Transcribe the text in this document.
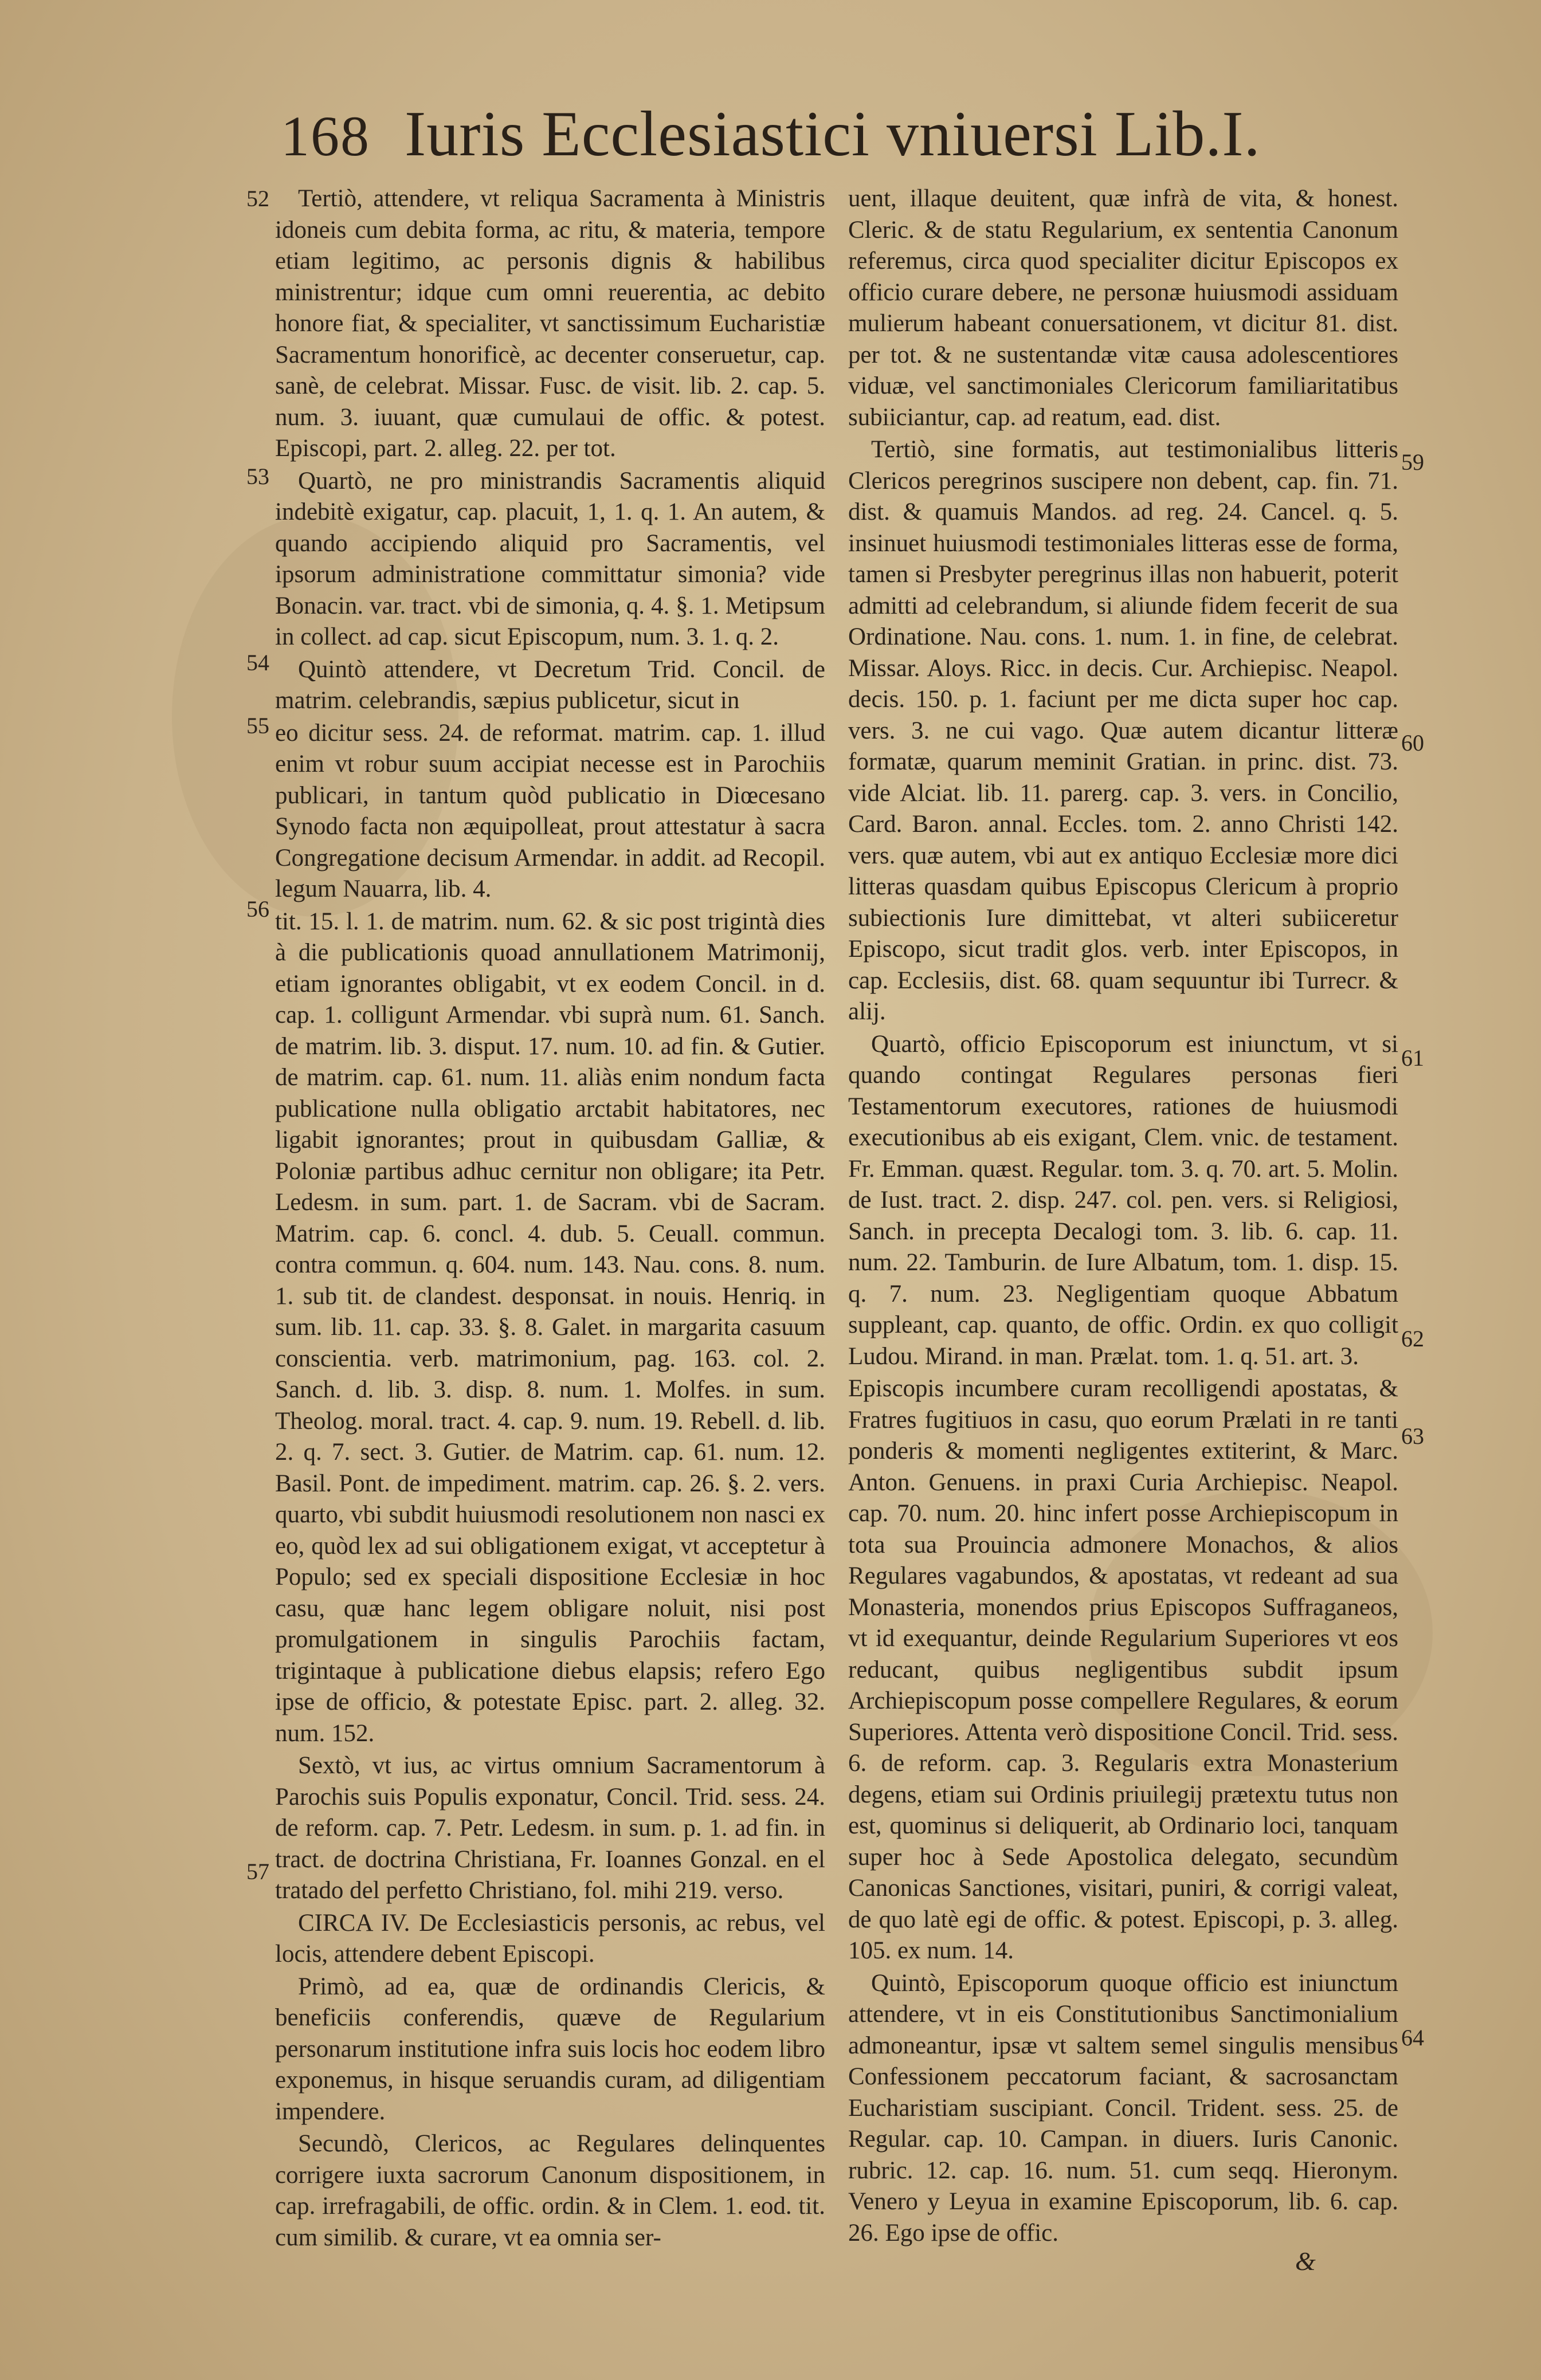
168 Iuris Ecclesiastici vniuersi Lib.I.

Tertiò, attendere, vt reliqua Sacramenta à Ministris idoneis cum debita forma, ac ritu, & materia, tempore etiam legitimo, ac personis dignis & habilibus ministrentur; idque cum omni reuerentia, ac debito honore fiat, & specialiter, vt sanctissimum Eucharistiæ Sacramentum honorificè, ac decenter conseruetur, cap. sanè, de celebrat. Missar. Fusc. de visit. lib. 2. cap. 5. num. 3. iuuant, quæ cumulaui de offic. & potest. Episcopi, part. 2. alleg. 22. per tot.

Quartò, ne pro ministrandis Sacramentis aliquid indebitè exigatur, cap. placuit, 1, 1. q. 1. An autem, & quando accipiendo aliquid pro Sacramentis, vel ipsorum administratione committatur simonia? vide Bonacin. var. tract. vbi de simonia, q. 4. §. 1. Metipsum in collect. ad cap. sicut Episcopum, num. 3. 1. q. 2.

Quintò attendere, vt Decretum Trid. Concil. de matrim. celebrandis, sæpius publicetur, sicut in

eo dicitur sess. 24. de reformat. matrim. cap. 1. illud enim vt robur suum accipiat necesse est in Parochiis publicari, in tantum quòd publicatio in Diœcesano Synodo facta non æquipolleat, prout attestatur à sacra Congregatione decisum Armendar. in addit. ad Recopil. legum Nauarra, lib. 4.

tit. 15. l. 1. de matrim. num. 62. & sic post trigintà dies à die publicationis quoad annullationem Matrimonij, etiam ignorantes obligabit, vt ex eodem Concil. in d. cap. 1. colligunt Armendar. vbi suprà num. 61. Sanch. de matrim. lib. 3. disput. 17. num. 10. ad fin. & Gutier. de matrim. cap. 61. num. 11. aliàs enim nondum facta publicatione nulla obligatio arctabit habitatores, nec ligabit ignorantes; prout in quibusdam Galliæ, & Poloniæ partibus adhuc cernitur non obligare; ita Petr. Ledesm. in sum. part. 1. de Sacram. vbi de Sacram. Matrim. cap. 6. concl. 4. dub. 5. Ceuall. commun. contra commun. q. 604. num. 143. Nau. cons. 8. num. 1. sub tit. de clandest. desponsat. in nouis. Henriq. in sum. lib. 11. cap. 33. §. 8. Galet. in margarita casuum conscientia. verb. matrimonium, pag. 163. col. 2. Sanch. d. lib. 3. disp. 8. num. 1. Molfes. in sum. Theolog. moral. tract. 4. cap. 9. num. 19. Rebell. d. lib. 2. q. 7. sect. 3. Gutier. de Matrim. cap. 61. num. 12. Basil. Pont. de impediment. matrim. cap. 26. §. 2. vers. quarto, vbi subdit huiusmodi resolutionem non nasci ex eo, quòd lex ad sui obligationem exigat, vt acceptetur à Populo; sed ex speciali dispositione Ecclesiæ in hoc casu, quæ hanc legem obligare noluit, nisi post promulgationem in singulis Parochiis factam, trigintaque à publicatione diebus elapsis; refero Ego ipse de officio, & potestate Episc. part. 2. alleg. 32. num. 152.

Sextò, vt ius, ac virtus omnium Sacramentorum à Parochis suis Populis exponatur, Concil. Trid. sess. 24. de reform. cap. 7. Petr. Ledesm. in sum. p. 1. ad fin. in tract. de doctrina Christiana, Fr. Ioannes Gonzal. en el tratado del perfetto Christiano, fol. mihi 219. verso.

CIRCA IV. De Ecclesiasticis personis, ac rebus, vel locis, attendere debent Episcopi.

Primò, ad ea, quæ de ordinandis Clericis, & beneficiis conferendis, quæve de Regularium personarum institutione infra suis locis hoc eodem libro exponemus, in hisque seruandis curam, ad diligentiam impendere.

Secundò, Clericos, ac Regulares delinquentes corrigere iuxta sacrorum Canonum dispositionem, in cap. irrefragabili, de offic. ordin. & in Clem. 1. eod. tit. cum similib. & curare, vt ea omnia ser-

uent, illaque deuitent, quæ infrà de vita, & honest. Cleric. & de statu Regularium, ex sententia Canonum referemus, circa quod specialiter dicitur Episcopos ex officio curare debere, ne personæ huiusmodi assiduam mulierum habeant conuersationem, vt dicitur 81. dist. per tot. & ne sustentandæ vitæ causa adolescentiores viduæ, vel sanctimoniales Clericorum familiaritatibus subiiciantur, cap. ad reatum, ead. dist.

Tertiò, sine formatis, aut testimonialibus litteris Clericos peregrinos suscipere non debent, cap. fin. 71. dist. & quamuis Mandos. ad reg. 24. Cancel. q. 5. insinuet huiusmodi testimoniales litteras esse de forma, tamen si Presbyter peregrinus illas non habuerit, poterit admitti ad celebrandum, si aliunde fidem fecerit de sua Ordinatione. Nau. cons. 1. num. 1. in fine, de celebrat. Missar. Aloys. Ricc. in decis. Cur. Archiepisc. Neapol. decis. 150. p. 1. faciunt per me dicta super hoc cap. vers. 3. ne cui vago. Quæ autem dicantur litteræ formatæ, quarum meminit Gratian. in princ. dist. 73. vide Alciat. lib. 11. parerg. cap. 3. vers. in Concilio, Card. Baron. annal. Eccles. tom. 2. anno Christi 142. vers. quæ autem, vbi aut ex antiquo Ecclesiæ more dici litteras quasdam quibus Episcopus Clericum à proprio subiectionis Iure dimittebat, vt alteri subiiceretur Episcopo, sicut tradit glos. verb. inter Episcopos, in cap. Ecclesiis, dist. 68. quam sequuntur ibi Turrecr. & alij.

Quartò, officio Episcoporum est iniunctum, vt si quando contingat Regulares personas fieri Testamentorum executores, rationes de huiusmodi executionibus ab eis exigant, Clem. vnic. de testament. Fr. Emman. quæst. Regular. tom. 3. q. 70. art. 5. Molin. de Iust. tract. 2. disp. 247. col. pen. vers. si Religiosi, Sanch. in precepta Decalogi tom. 3. lib. 6. cap. 11. num. 22. Tamburin. de Iure Albatum, tom. 1. disp. 15. q. 7. num. 23. Negligentiam quoque Abbatum suppleant, cap. quanto, de offic. Ordin. ex quo colligit Ludou. Mirand. in man. Prælat. tom. 1. q. 51. art. 3.

Episcopis incumbere curam recolligendi apostatas, & Fratres fugitiuos in casu, quo eorum Prælati in re tanti ponderis & momenti negligentes extiterint, & Marc. Anton. Genuens. in praxi Curia Archiepisc. Neapol. cap. 70. num. 20. hinc infert posse Archiepiscopum in tota sua Prouincia admonere Monachos, & alios Regulares vagabundos, & apostatas, vt redeant ad sua Monasteria, monendos prius Episcopos Suffraganeos, vt id exequantur, deinde Regularium Superiores vt eos reducant, quibus negligentibus subdit ipsum Archiepiscopum posse compellere Regulares, & eorum Superiores. Attenta verò dispositione Concil. Trid. sess. 6. de reform. cap. 3. Regularis extra Monasterium degens, etiam sui Ordinis priuilegij prætextu tutus non est, quominus si deliquerit, ab Ordinario loci, tanquam super hoc à Sede Apostolica delegato, secundùm Canonicas Sanctiones, visitari, puniri, & corrigi valeat, de quo latè egi de offic. & potest. Episcopi, p. 3. alleg. 105. ex num. 14.

Quintò, Episcoporum quoque officio est iniunctum attendere, vt in eis Constitutionibus Sanctimonialium admoneantur, ipsæ vt saltem semel singulis mensibus Confessionem peccatorum faciant, & sacrosanctam Eucharistiam suscipiant. Concil. Trident. sess. 25. de Regular. cap. 10. Campan. in diuers. Iuris Canonic. rubric. 12. cap. 16. num. 51. cum seqq. Hieronym. Venero y Leyua in examine Episcoporum, lib. 6. cap. 26. Ego ipse de offic.

52
53
54
55
56
57
59
60
61
62
63
64
&
